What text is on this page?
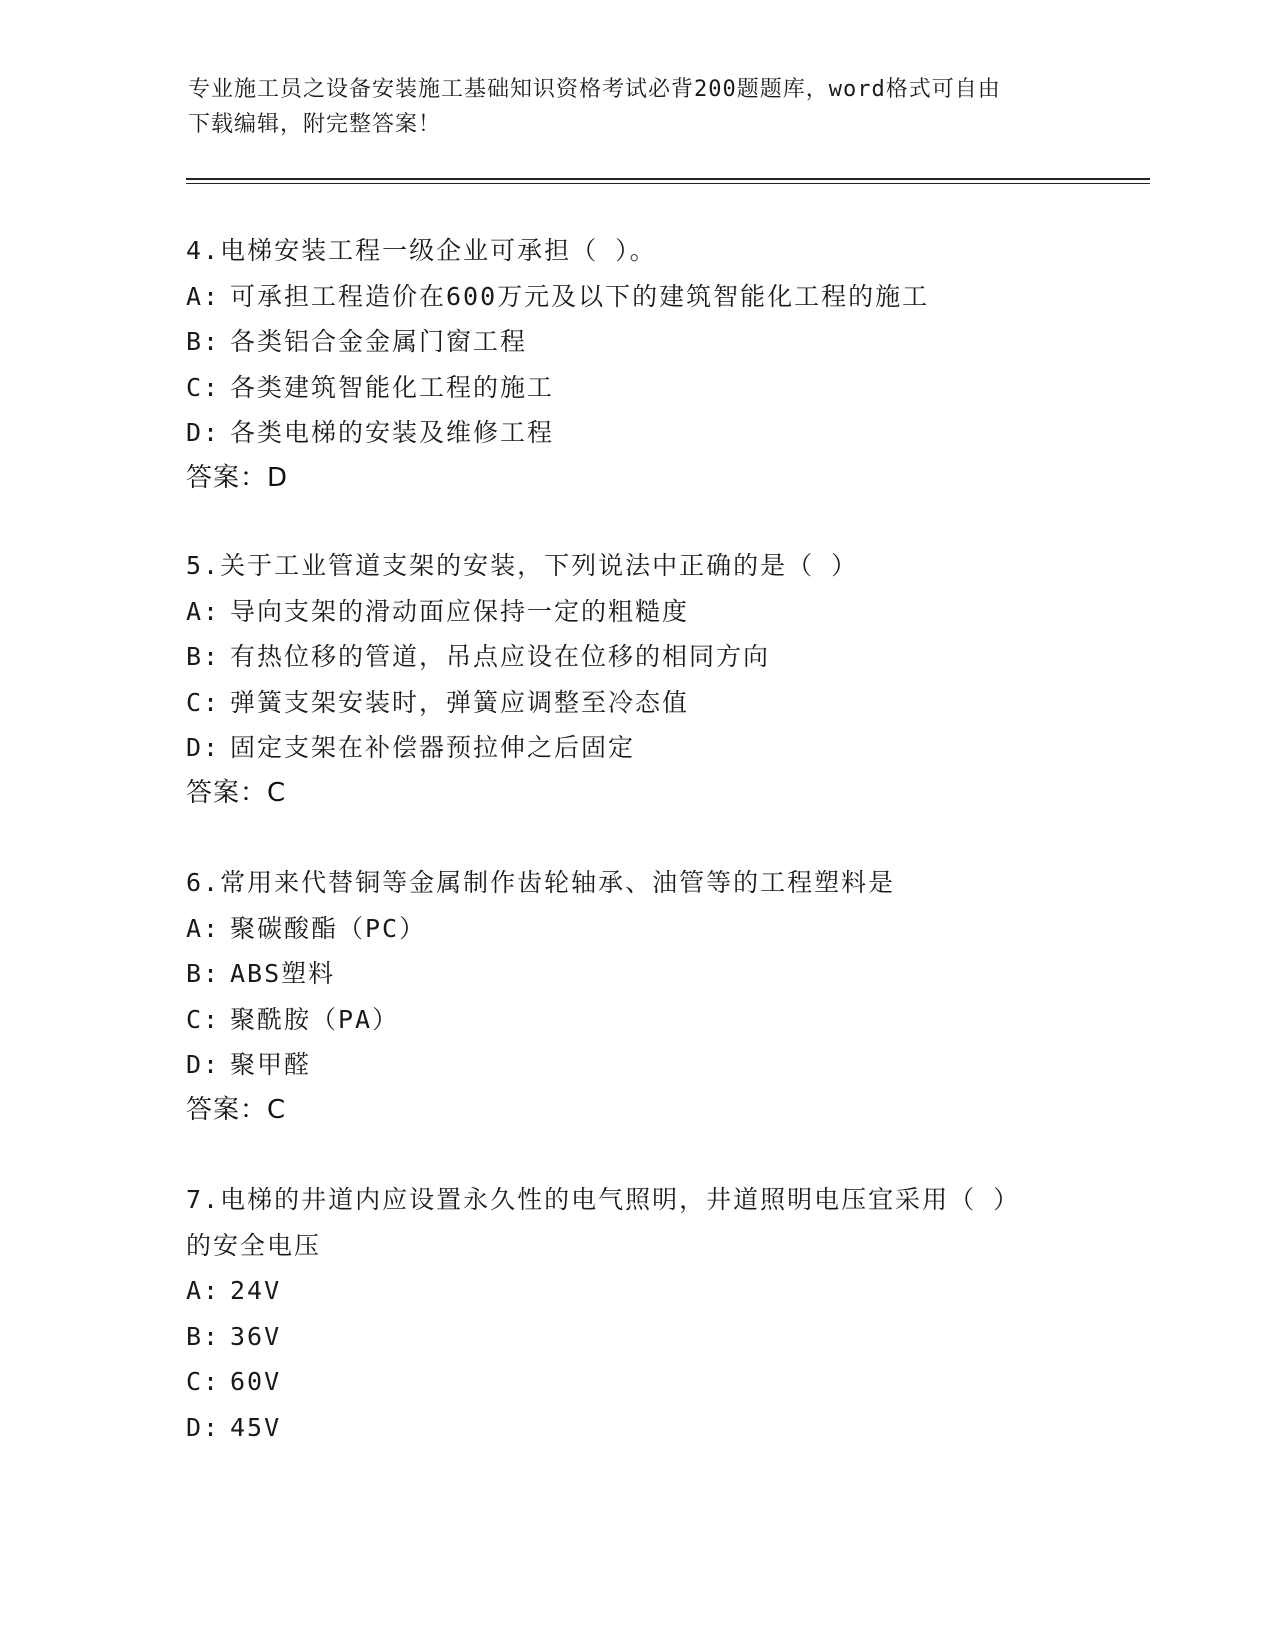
专业施工员之设备安装施工基础知识资格考试必背200题题库，word格式可自由
下载编辑，附完整答案！
4.电梯安装工程一级企业可承担（ ）。
A: 可承担工程造价在600万元及以下的建筑智能化工程的施工
B: 各类铝合金金属门窗工程
C: 各类建筑智能化工程的施工
D: 各类电梯的安装及维修工程
答案：D
5.关于工业管道支架的安装，下列说法中正确的是（ ）
A: 导向支架的滑动面应保持一定的粗糙度
B: 有热位移的管道，吊点应设在位移的相同方向
C: 弹簧支架安装时，弹簧应调整至冷态值
D: 固定支架在补偿器预拉伸之后固定
答案：C
6.常用来代替铜等金属制作齿轮轴承、油管等的工程塑料是
A: 聚碳酸酯（PC）
B: ABS塑料
C: 聚酰胺（PA）
D: 聚甲醛
答案：C
7.电梯的井道内应设置永久性的电气照明，井道照明电压宜采用（ ）
的安全电压
A: 24V
B: 36V
C: 60V
D: 45V
